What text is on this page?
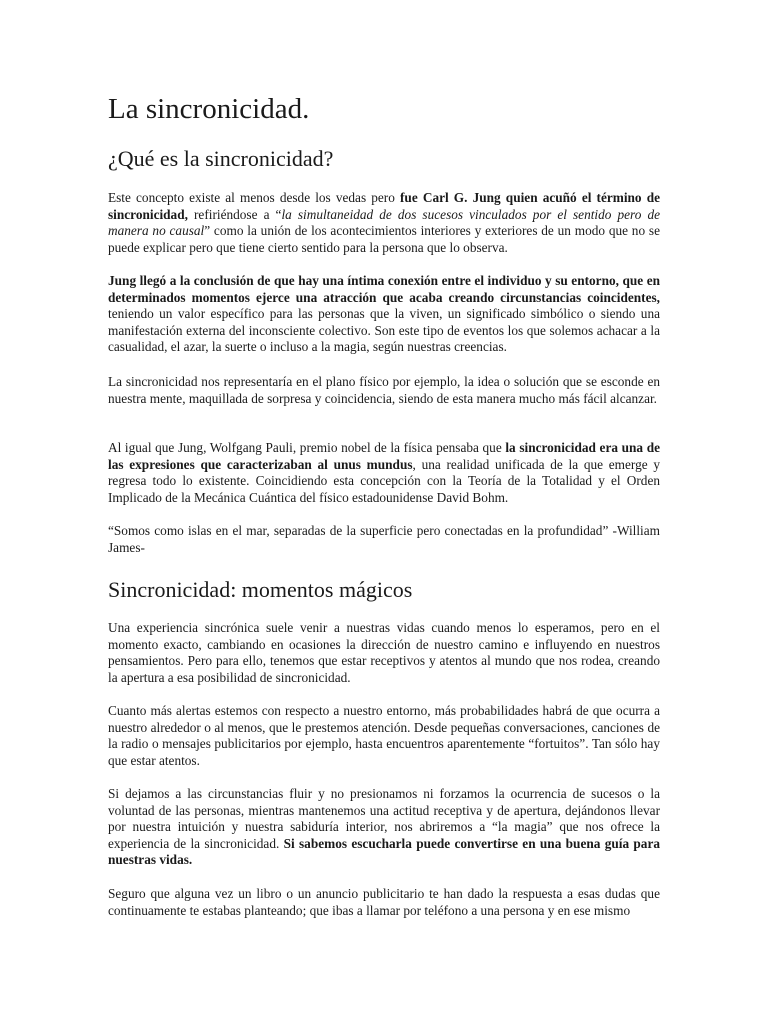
La sincronicidad.
¿Qué es la sincronicidad?

Este concepto existe al menos desde los vedas pero fue Carl G. Jung quien acuñó el término de sincronicidad, refiriéndose a “la simultaneidad de dos sucesos vinculados por el sentido pero de manera no causal” como la unión de los acontecimientos interiores y exteriores de un modo que no se puede explicar pero que tiene cierto sentido para la persona que lo observa.

Jung llegó a la conclusión de que hay una íntima conexión entre el individuo y su entorno, que en determinados momentos ejerce una atracción que acaba creando circunstancias coincidentes, teniendo un valor específico para las personas que la viven, un significado simbólico o siendo una manifestación externa del inconsciente colectivo. Son este tipo de eventos los que solemos achacar a la casualidad, el azar, la suerte o incluso a la magia, según nuestras creencias.

La sincronicidad nos representaría en el plano físico por ejemplo, la idea o solución que se esconde en nuestra mente, maquillada de sorpresa y coincidencia, siendo de esta manera mucho más fácil alcanzar.

Al igual que Jung, Wolfgang Pauli, premio nobel de la física pensaba que la sincronicidad era una de las expresiones que caracterizaban al unus mundus, una realidad unificada de la que emerge y regresa todo lo existente. Coincidiendo esta concepción con la Teoría de la Totalidad y el Orden Implicado de la Mecánica Cuántica del físico estadounidense David Bohm.

“Somos como islas en el mar, separadas de la superficie pero conectadas en la profundidad” -William James-

Sincronicidad: momentos mágicos

Una experiencia sincrónica suele venir a nuestras vidas cuando menos lo esperamos, pero en el momento exacto, cambiando en ocasiones la dirección de nuestro camino e influyendo en nuestros pensamientos. Pero para ello, tenemos que estar receptivos y atentos al mundo que nos rodea, creando la apertura a esa posibilidad de sincronicidad.

Cuanto más alertas estemos con respecto a nuestro entorno, más probabilidades habrá de que ocurra a nuestro alrededor o al menos, que le prestemos atención. Desde pequeñas conversaciones, canciones de la radio o mensajes publicitarios por ejemplo, hasta encuentros aparentemente “fortuitos”. Tan sólo hay que estar atentos.

Si dejamos a las circunstancias fluir y no presionamos ni forzamos la ocurrencia de sucesos o la voluntad de las personas, mientras mantenemos una actitud receptiva y de apertura, dejándonos llevar por nuestra intuición y nuestra sabiduría interior, nos abriremos a “la magia” que nos ofrece la experiencia de la sincronicidad. Si sabemos escucharla puede convertirse en una buena guía para nuestras vidas.

Seguro que alguna vez un libro o un anuncio publicitario te han dado la respuesta a esas dudas que continuamente te estabas planteando; que ibas a llamar por teléfono a una persona y en ese mismo
